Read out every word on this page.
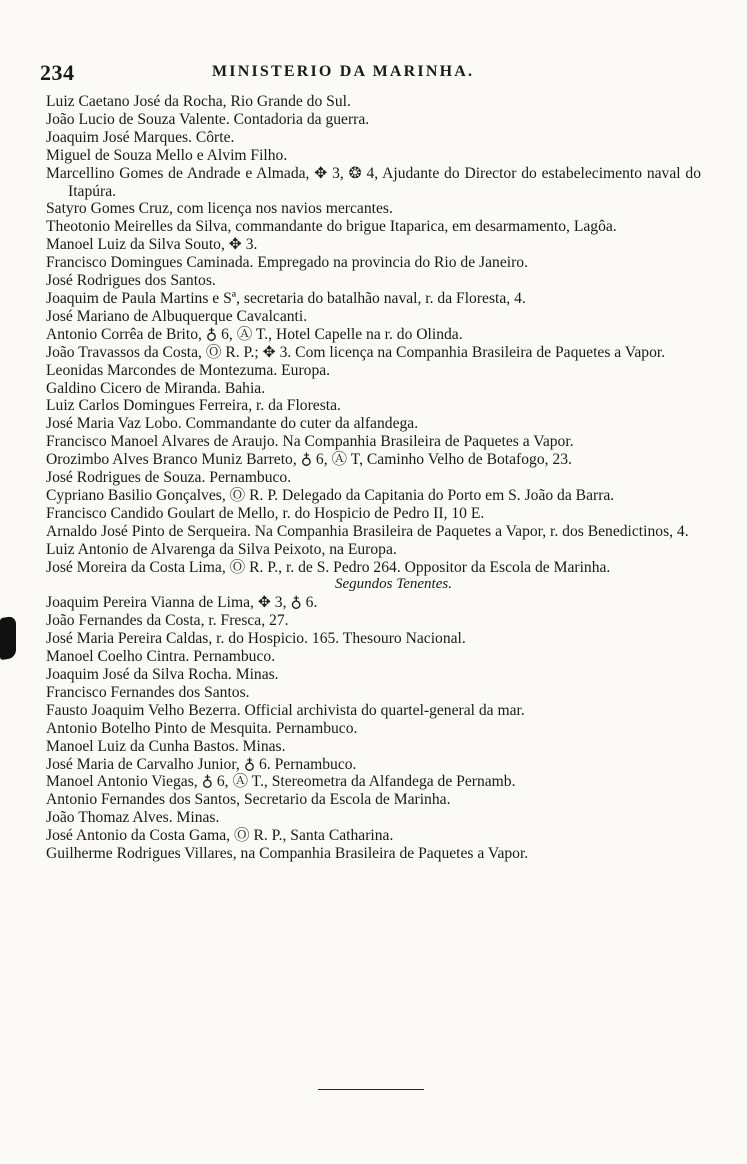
234	MINISTERIO DA MARINHA.

Luiz Caetano José da Rocha, Rio Grande do Sul.

João Lucio de Souza Valente. Contadoria da guerra.

Joaquim José Marques. Côrte.

Miguel de Souza Mello e Alvim Filho.

Marcellino Gomes de Andrade e Almada, ✥ 3, ❂ 4, Ajudante do Director do estabelecimento naval do Itapúra.

Satyro Gomes Cruz, com licença nos navios mercantes.

Theotonio Meirelles da Silva, commandante do brigue Itaparica, em desarmamento, Lagôa.

Manoel Luiz da Silva Souto, ✥ 3.

Francisco Domingues Caminada. Empregado na provincia do Rio de Janeiro.

José Rodrigues dos Santos.

Joaquim de Paula Martins e Sª, secretaria do batalhão naval, r. da Floresta, 4.

José Mariano de Albuquerque Cavalcanti.

Antonio Corrêa de Brito, ♁ 6, Ⓐ T., Hotel Capelle na r. do Olinda.

João Travassos da Costa, Ⓞ R. P.; ✥ 3. Com licença na Companhia Brasileira de Paquetes a Vapor.

Leonidas Marcondes de Montezuma. Europa.

Galdino Cicero de Miranda. Bahia.

Luiz Carlos Domingues Ferreira, r. da Floresta.

José Maria Vaz Lobo. Commandante do cuter da alfandega.

Francisco Manoel Alvares de Araujo. Na Companhia Brasileira de Paquetes a Vapor.

Orozimbo Alves Branco Muniz Barreto, ♁ 6, Ⓐ T, Caminho Velho de Botafogo, 23.

José Rodrigues de Souza. Pernambuco.

Cypriano Basilio Gonçalves, Ⓞ R. P. Delegado da Capitania do Porto em S. João da Barra.

Francisco Candido Goulart de Mello, r. do Hospicio de Pedro II, 10 E.

Arnaldo José Pinto de Serqueira. Na Companhia Brasileira de Paquetes a Vapor, r. dos Benedictinos, 4.

Luiz Antonio de Alvarenga da Silva Peixoto, na Europa.

José Moreira da Costa Lima, Ⓞ R. P., r. de S. Pedro 264. Oppositor da Escola de Marinha.

Segundos Tenentes.

Joaquim Pereira Vianna de Lima, ✥ 3, ♁ 6.

João Fernandes da Costa, r. Fresca, 27.

José Maria Pereira Caldas, r. do Hospicio. 165. Thesouro Nacional.

Manoel Coelho Cintra. Pernambuco.

Joaquim José da Silva Rocha. Minas.

Francisco Fernandes dos Santos.

Fausto Joaquim Velho Bezerra. Official archivista do quartel-general da mar.

Antonio Botelho Pinto de Mesquita. Pernambuco.

Manoel Luiz da Cunha Bastos. Minas.

José Maria de Carvalho Junior, ♁ 6. Pernambuco.

Manoel Antonio Viegas, ♁ 6, Ⓐ T., Stereometra da Alfandega de Pernamb.

Antonio Fernandes dos Santos, Secretario da Escola de Marinha.

João Thomaz Alves. Minas.

José Antonio da Costa Gama, Ⓞ R. P., Santa Catharina.

Guilherme Rodrigues Villares, na Companhia Brasileira de Paquetes a Vapor.
